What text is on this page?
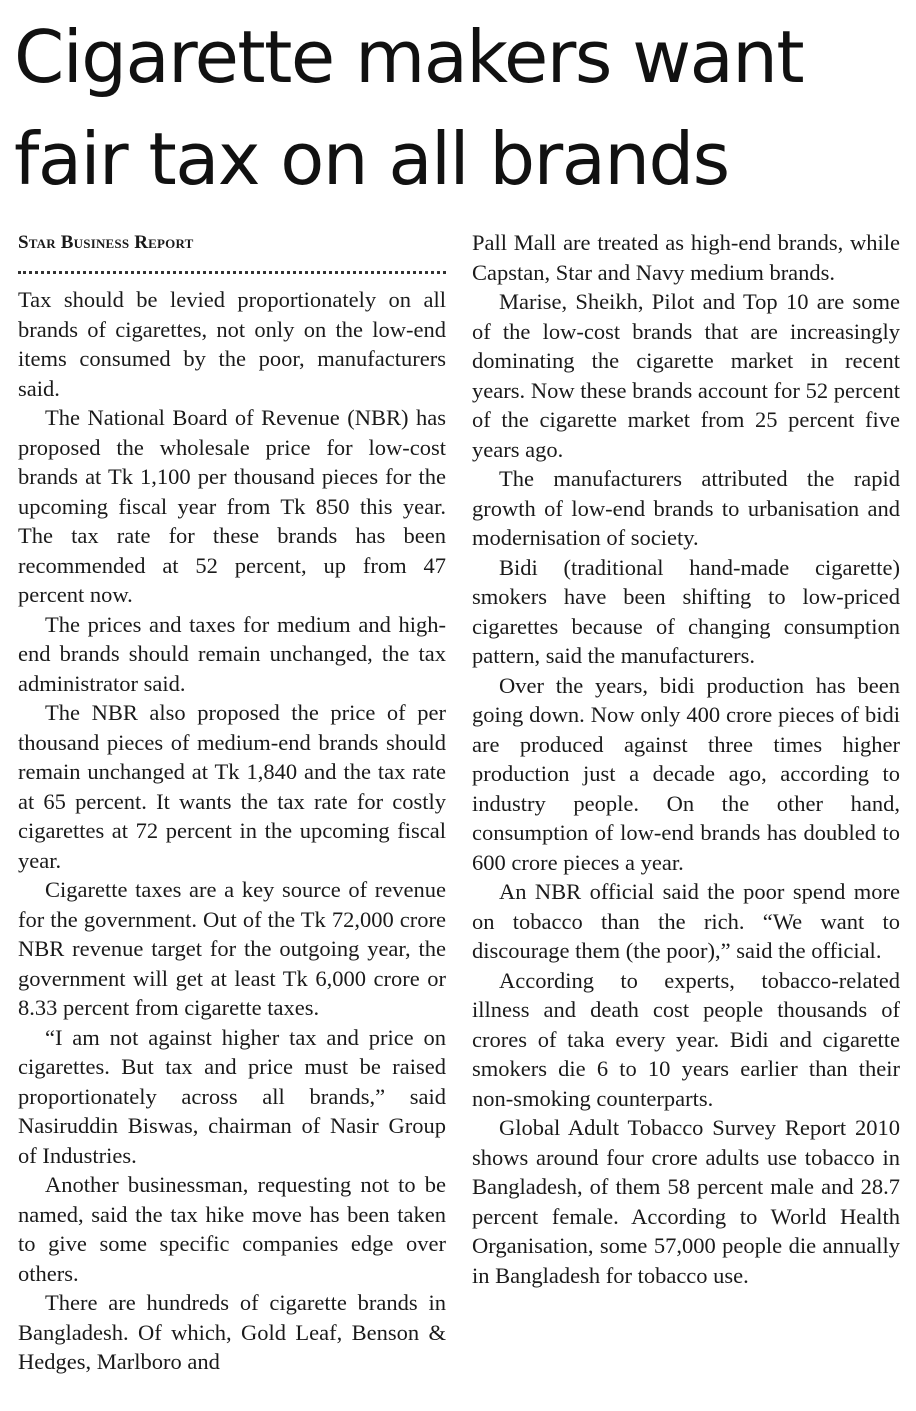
Cigarette makers want fair tax on all brands
Star Business Report

Tax should be levied proportionately on all brands of cigarettes, not only on the low-end items consumed by the poor, manufacturers said.

The National Board of Revenue (NBR) has proposed the wholesale price for low-cost brands at Tk 1,100 per thousand pieces for the upcoming fiscal year from Tk 850 this year. The tax rate for these brands has been recommended at 52 percent, up from 47 percent now.

The prices and taxes for medium and high-end brands should remain unchanged, the tax administrator said.

The NBR also proposed the price of per thousand pieces of medium-end brands should remain unchanged at Tk 1,840 and the tax rate at 65 percent. It wants the tax rate for costly cigarettes at 72 percent in the upcoming fiscal year.

Cigarette taxes are a key source of revenue for the government. Out of the Tk 72,000 crore NBR revenue target for the outgoing year, the government will get at least Tk 6,000 crore or 8.33 percent from cigarette taxes.

“I am not against higher tax and price on cigarettes. But tax and price must be raised proportionately across all brands,” said Nasiruddin Biswas, chairman of Nasir Group of Industries.

Another businessman, requesting not to be named, said the tax hike move has been taken to give some specific companies edge over others.

There are hundreds of cigarette brands in Bangladesh. Of which, Gold Leaf, Benson & Hedges, Marlboro and

Pall Mall are treated as high-end brands, while Capstan, Star and Navy medium brands.

Marise, Sheikh, Pilot and Top 10 are some of the low-cost brands that are increasingly dominating the cigarette market in recent years. Now these brands account for 52 percent of the cigarette market from 25 percent five years ago.

The manufacturers attributed the rapid growth of low-end brands to urbanisation and modernisation of society.

Bidi (traditional hand-made cigarette) smokers have been shifting to low-priced cigarettes because of changing consumption pattern, said the manufacturers.

Over the years, bidi production has been going down. Now only 400 crore pieces of bidi are produced against three times higher production just a decade ago, according to industry people. On the other hand, consumption of low-end brands has doubled to 600 crore pieces a year.

An NBR official said the poor spend more on tobacco than the rich. “We want to discourage them (the poor),” said the official.

According to experts, tobacco-related illness and death cost people thousands of crores of taka every year. Bidi and cigarette smokers die 6 to 10 years earlier than their non-smoking counterparts.

Global Adult Tobacco Survey Report 2010 shows around four crore adults use tobacco in Bangladesh, of them 58 percent male and 28.7 percent female. According to World Health Organisation, some 57,000 people die annually in Bangladesh for tobacco use.
